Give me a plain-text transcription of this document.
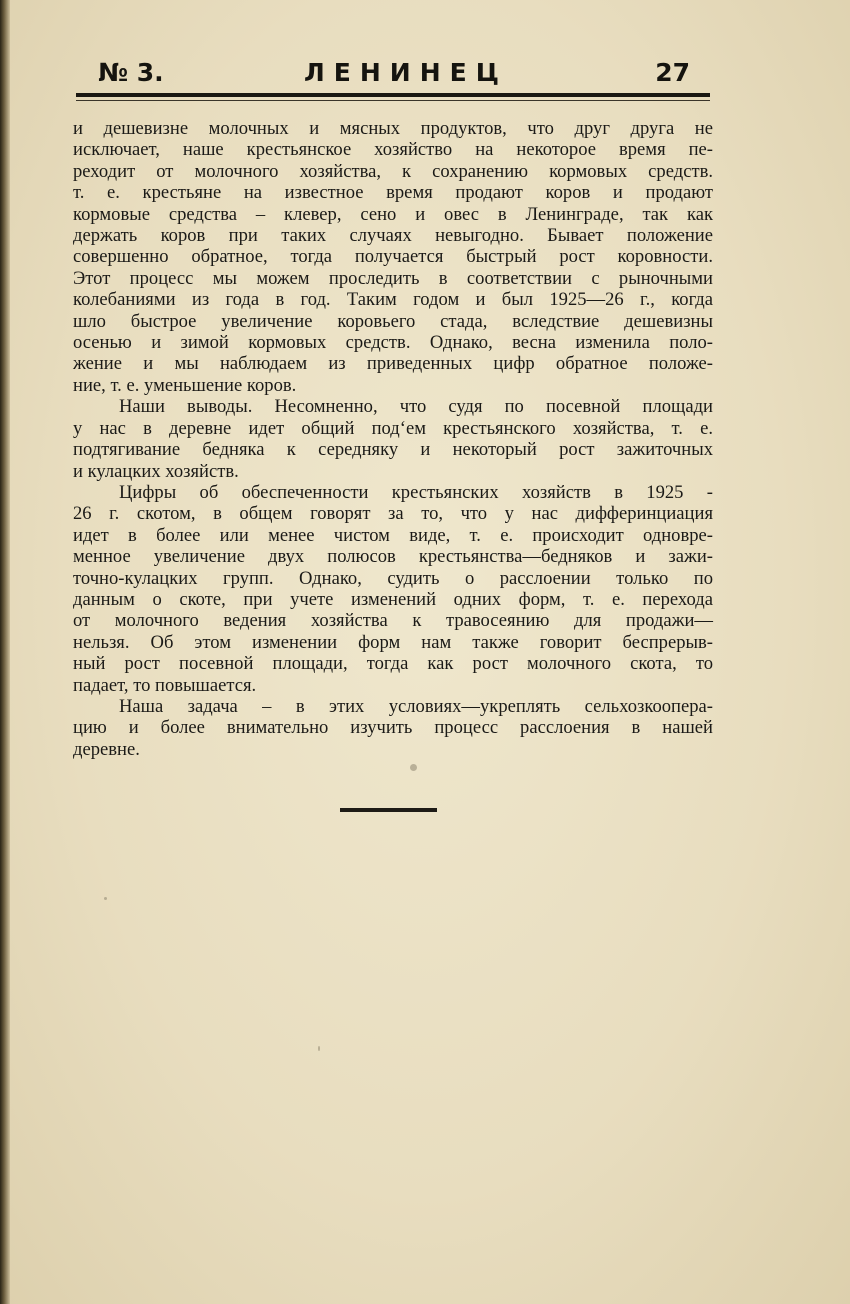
№ 3.	ЛЕНИНЕЦ	27
и дешевизне молочных и мясных продуктов, что друг друга не
исключает, наше крестьянское хозяйство на некоторое время пе-
реходит от молочного хозяйства, к сохранению кормовых средств.
т. е. крестьяне на известное время продают коров и продают
кормовые средства – клевер, сено и овес в Ленинграде, так как
держать коров при таких случаях невыгодно. Бывает положение
совершенно обратное, тогда получается быстрый рост коровности.
Этот процесс мы можем проследить в соответствии с рыночными
колебаниями из года в год. Таким годом и был 1925—26 г., когда
шло быстрое увеличение коровьего стада, вследствие дешевизны
осенью и зимой кормовых средств. Однако, весна изменила поло-
жение и мы наблюдаем из приведенных цифр обратное положе-
ние, т. е. уменьшение коров.
Наши выводы. Несомненно, что судя по посевной площади
у нас в деревне идет общий под‘ем крестьянского хозяйства, т. е.
подтягивание бедняка к середняку и некоторый рост зажиточных
и кулацких хозяйств.
Цифры об обеспеченности крестьянских хозяйств в 1925 -
26 г. скотом, в общем говорят за то, что у нас дифферинциация
идет в более или менее чистом виде, т. е. происходит одновре-
менное увеличение двух полюсов крестьянства—бедняков и зажи-
точно-кулацких групп. Однако, судить о расслоении только по
данным о скоте, при учете изменений одних форм, т. е. перехода
от молочного ведения хозяйства к травосеянию для продажи—
нельзя. Об этом изменении форм нам также говорит беспрерыв-
ный рост посевной площади, тогда как рост молочного скота, то
падает, то повышается.
Наша задача – в этих условиях—укреплять сельхозкоопера-
цию и более внимательно изучить процесс расслоения в нашей
деревне.
